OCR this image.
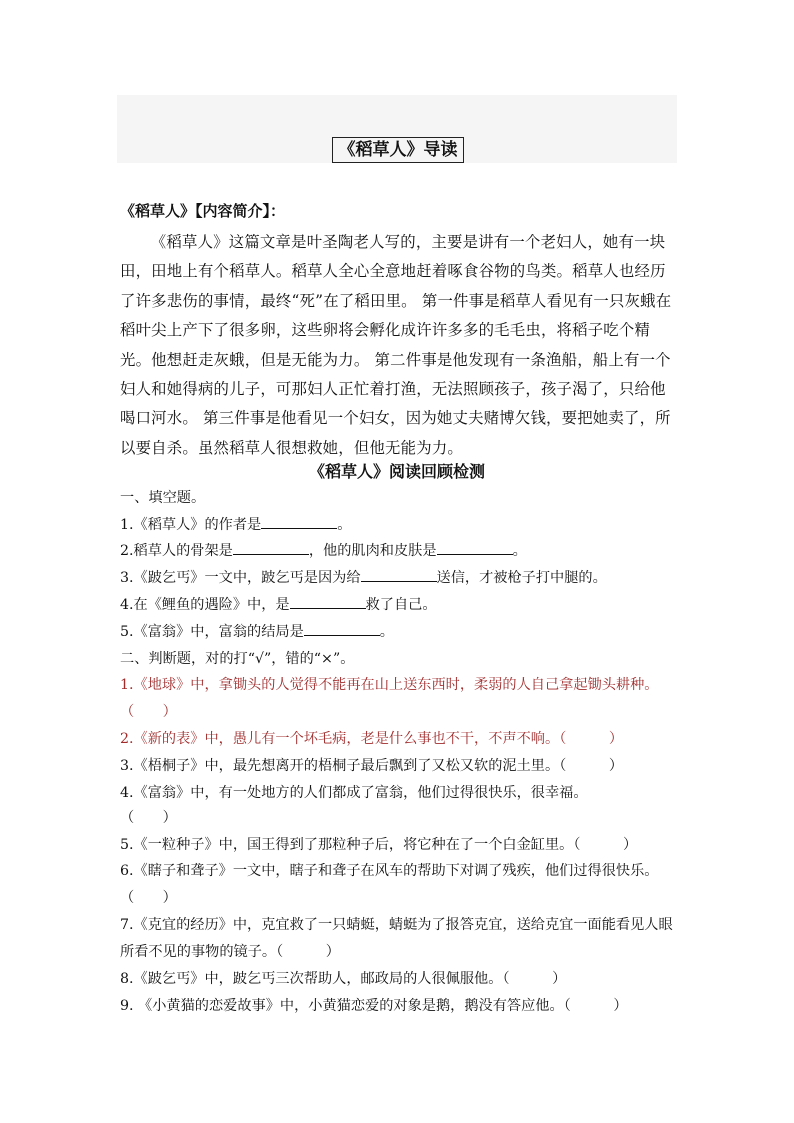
《稻草人》导读
《稻草人》【内容简介】：
《稻草人》这篇文章是叶圣陶老人写的，主要是讲有一个老妇人，她有一块田，田地上有个稻草人。稻草人全心全意地赶着啄食谷物的鸟类。稻草人也经历了许多悲伤的事情，最终“死”在了稻田里。 第一件事是稻草人看见有一只灰蛾在稻叶尖上产下了很多卵，这些卵将会孵化成许许多多的毛毛虫，将稻子吃个精光。他想赶走灰蛾，但是无能为力。 第二件事是他发现有一条渔船，船上有一个妇人和她得病的儿子，可那妇人正忙着打渔，无法照顾孩子，孩子渴了，只给他喝口河水。 第三件事是他看见一个妇女，因为她丈夫赌博欠钱，要把她卖了，所以要自杀。虽然稻草人很想救她，但他无能为力。
《稻草人》阅读回顾检测
一、填空题。
1.《稻草人》的作者是	。
2.稻草人的骨架是	，他的肌肉和皮肤是	。
3.《跛乞丐》一文中，跛乞丐是因为给	送信，才被枪子打中腿的。
4.在《鲤鱼的遇险》中，是	救了自己。
5.《富翁》中，富翁的结局是	。
二、判断题，对的打“√”，错的“×”。
1.《地球》中，拿锄头的人觉得不能再在山上送东西时，柔弱的人自己拿起锄头耕种。（　　）
2.《新的表》中，愚儿有一个坏毛病，老是什么事也不干，不声不响。（　　　）
3.《梧桐子》中，最先想离开的梧桐子最后飘到了又松又软的泥土里。（　　　）
4.《富翁》中，有一处地方的人们都成了富翁，他们过得很快乐，很幸福。
（　　）
5.《一粒种子》中，国王得到了那粒种子后，将它种在了一个白金缸里。（　　　）
6.《瞎子和聋子》一文中，瞎子和聋子在风车的帮助下对调了残疾，他们过得很快乐。（　　）
7.《克宜的经历》中，克宜救了一只蜻蜓，蜻蜓为了报答克宜，送给克宜一面能看见人眼所看不见的事物的镜子。（　　　）
8.《跛乞丐》中，跛乞丐三次帮助人，邮政局的人很佩服他。（　　　）
9. 《小黄猫的恋爱故事》中，小黄猫恋爱的对象是鹅，鹅没有答应他。（　　　）
